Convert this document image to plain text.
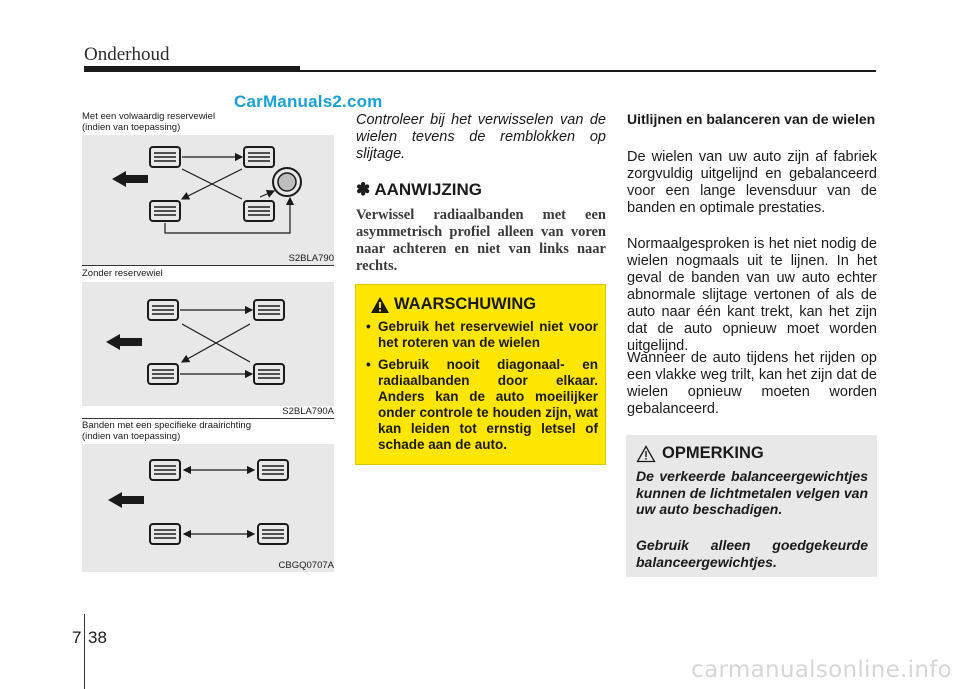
Onderhoud
CarManuals2.com
Met een volwaardig reservewiel
(indien van toepassing)
S2BLA790
Zonder reservewiel
S2BLA790A
Banden met een specifieke draairichting
(indien van toepassing)
CBGQ0707A
Controleer bij het verwisselen van de wielen tevens de remblokken op slijtage.
✽ AANWIJZING
Verwissel radiaalbanden met een asymmetrisch profiel alleen van voren naar achteren en niet van links naar rechts.
WAARSCHUWING
• Gebruik het reservewiel niet voor het roteren van de wielen
• Gebruik nooit diagonaal- en radiaalbanden door elkaar. Anders kan de auto moeilijker onder controle te houden zijn, wat kan leiden tot ernstig letsel of schade aan de auto.
Uitlijnen en balanceren van de wielen
De wielen van uw auto zijn af fabriek zorgvuldig uitgelijnd en gebalanceerd voor een lange levensduur van de banden en optimale prestaties.
Normaalgesproken is het niet nodig de wielen nogmaals uit te lijnen. In het geval de banden van uw auto echter abnormale slijtage vertonen of als de auto naar één kant trekt, kan het zijn dat de auto opnieuw moet worden uitgelijnd.
Wanneer de auto tijdens het rijden op een vlakke weg trilt, kan het zijn dat de wielen opnieuw moeten worden gebalanceerd.
OPMERKING
De verkeerde balanceergewichtjes kunnen de lichtmetalen velgen van uw auto beschadigen.
Gebruik alleen goedgekeurde balanceergewichtjes.
7 38
carmanualsonline.info
